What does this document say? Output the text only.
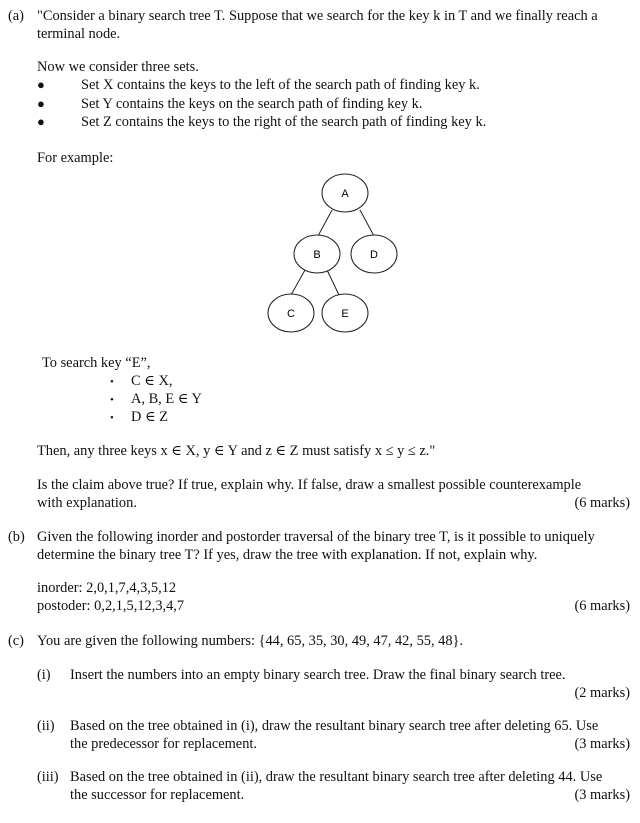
(a) "Consider a binary search tree T. Suppose that we search for the key k in T and we finally reach a
terminal node.
Now we consider three sets.
●	Set X contains the keys to the left of the search path of finding key k.
●	Set Y contains the keys on the search path of finding key k.
●	Set Z contains the keys to the right of the search path of finding key k.
For example:
A
B	D
C	E
To search key “E”,
• C ∈ X,
• A, B, E ∈ Y
• D ∈ Z
Then, any three keys x ∈ X, y ∈ Y and z ∈ Z must satisfy x ≤ y ≤ z."
Is the claim above true? If true, explain why. If false, draw a smallest possible counterexample
with explanation.	(6 marks)
(b) Given the following inorder and postorder traversal of the binary tree T, is it possible to uniquely
determine the binary tree T? If yes, draw the tree with explanation. If not, explain why.
inorder: 2,0,1,7,4,3,5,12
postoder: 0,2,1,5,12,3,4,7	(6 marks)
(c) You are given the following numbers: {44, 65, 35, 30, 49, 47, 42, 55, 48}.
(i) Insert the numbers into an empty binary search tree. Draw the final binary search tree.
(2 marks)
(ii) Based on the tree obtained in (i), draw the resultant binary search tree after deleting 65. Use
the predecessor for replacement.	(3 marks)
(iii) Based on the tree obtained in (ii), draw the resultant binary search tree after deleting 44. Use
the successor for replacement.	(3 marks)
